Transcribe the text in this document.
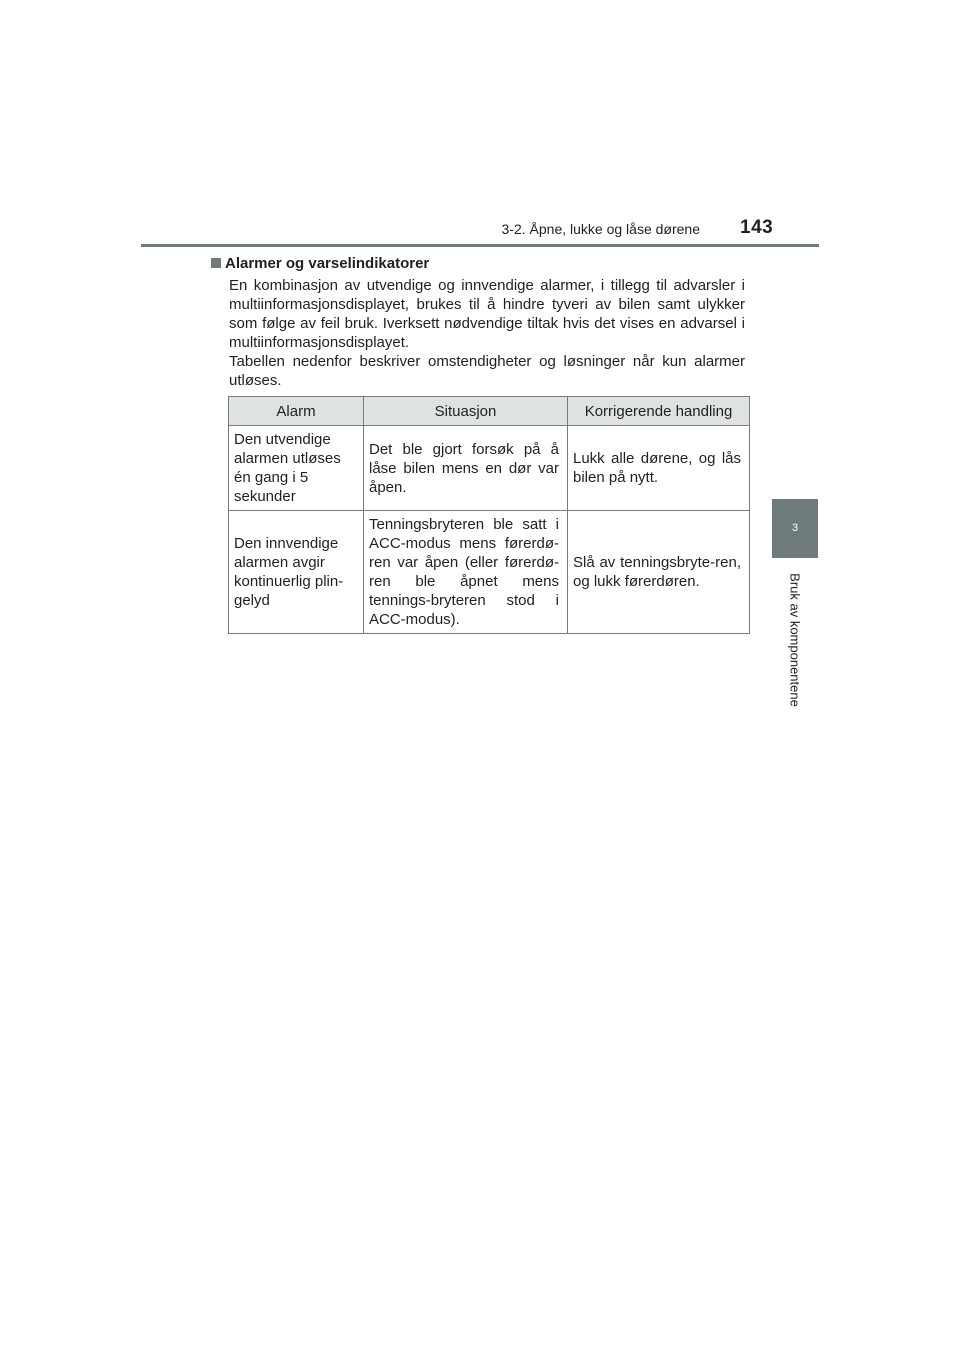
3-2. Åpne, lukke og låse dørene 143
3
Bruk av komponentene
Alarmer og varselindikatorer

En kombinasjon av utvendige og innvendige alarmer, i tillegg til advarsler i multiinformasjonsdisplayet, brukes til å hindre tyveri av bilen samt ulykker som følge av feil bruk. Iverksett nødvendige tiltak hvis det vises en advarsel i multiinformasjonsdisplayet.

Tabellen nedenfor beskriver omstendigheter og løsninger når kun alarmer utløses.

Alarm	Situasjon	Korrigerende handling
Den utvendige alarmen utløses én gang i 5 sekunder	Det ble gjort forsøk på å låse bilen mens en dør var åpen.	Lukk alle dørene, og lås bilen på nytt.
Den innvendige alarmen avgir kontinuerlig plin-gelyd	Tenningsbryteren ble satt i ACC-modus mens førerdø-ren var åpen (eller førerdø-ren ble åpnet mens tennings-bryteren stod i ACC-modus).	Slå av tenningsbryte-ren, og lukk førerdøren.
